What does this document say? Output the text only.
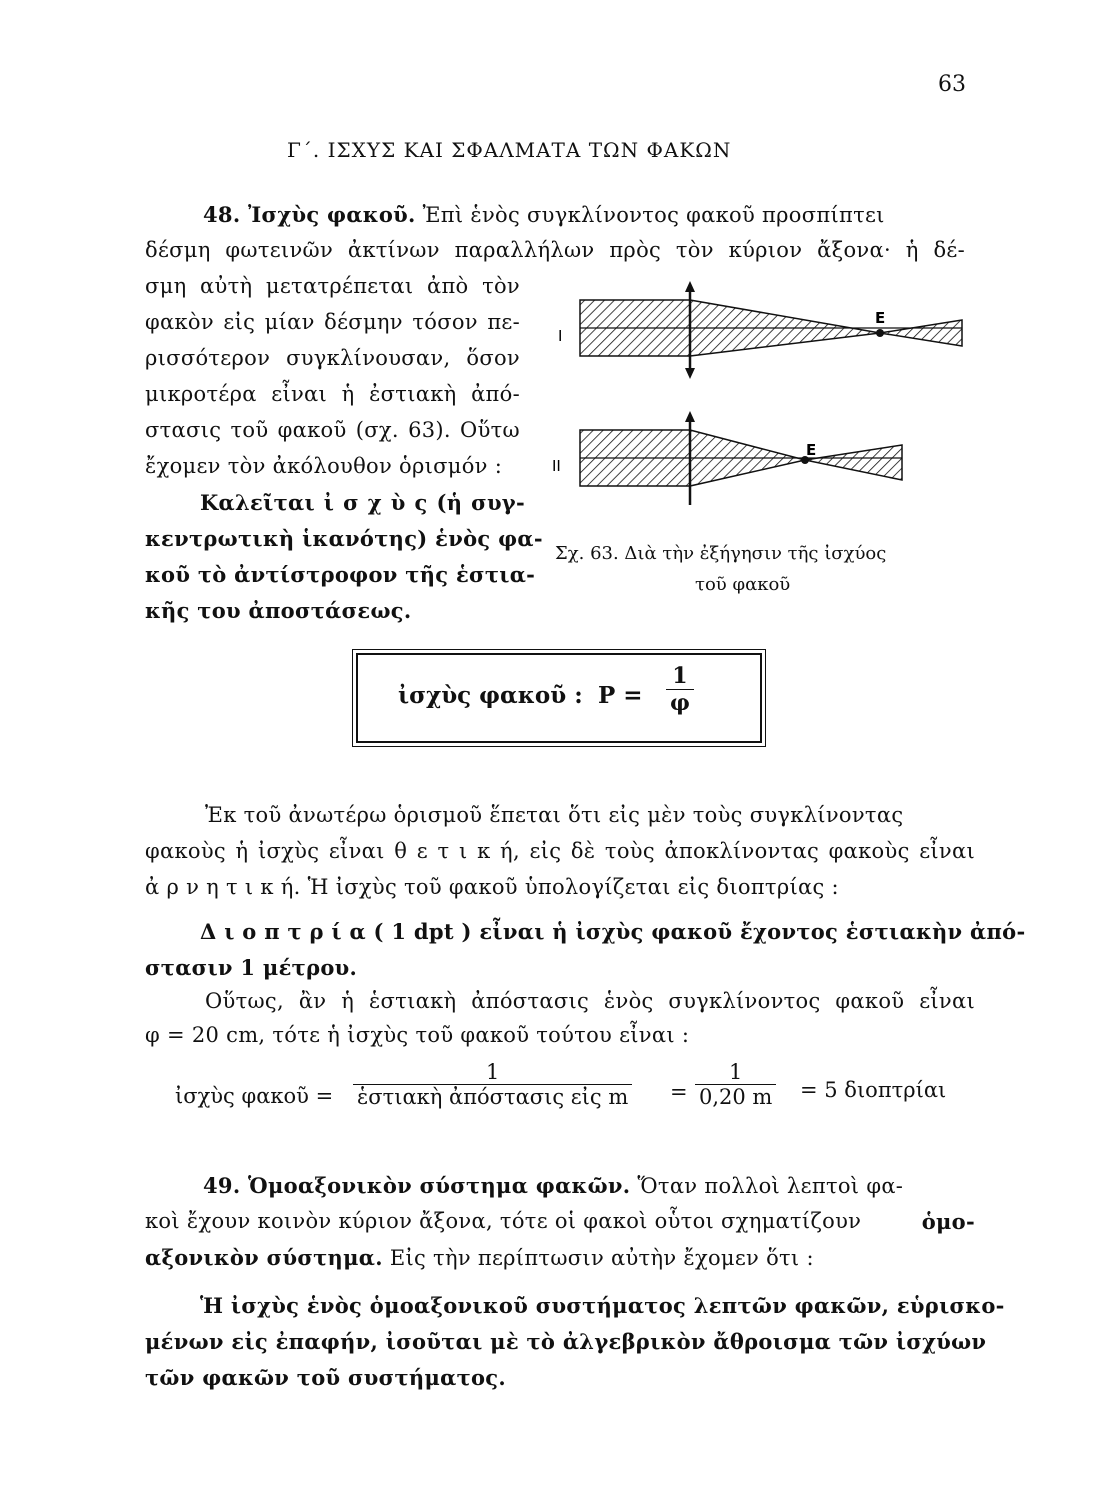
63
Γ΄. ΙΣΧΥΣ ΚΑΙ ΣΦΑΛΜΑΤΑ ΤΩΝ ΦΑΚΩΝ
48. Ἰσχὺς φακοῦ. Ἐπὶ ἑνὸς συγκλίνοντος φακοῦ προσπίπτει
δέσμη φωτεινῶν ἀκτίνων παραλλήλων πρὸς τὸν κύριον ἄξονα· ἡ δέ-
σμη αὐτὴ μετατρέπεται ἀπὸ τὸν
φακὸν εἰς μίαν δέσμην τόσον πε-
ρισσότερον συγκλίνουσαν, ὅσον
μικροτέρα εἶναι ἡ ἐστιακὴ ἀπό-
στασις τοῦ φακοῦ (σχ. 63). Οὕτω
ἔχομεν τὸν ἀκόλουθον ὁρισμόν :
Καλεῖται ἰ σ χ ὺ ς (ἡ συγ-
κεντρωτικὴ ἱκανότης) ἑνὸς φα-
κοῦ τὸ ἀντίστροφον τῆς ἑστια-
κῆς του ἀποστάσεως.
I
E
II
E
Σχ. 63. Διὰ τὴν ἐξήγησιν τῆς ἰσχύος
τοῦ φακοῦ
ἰσχὺς φακοῦ : $P = \frac{1}{\varphi}$
Ἐκ τοῦ ἀνωτέρω ὁρισμοῦ ἕπεται ὅτι εἰς μὲν τοὺς συγκλίνοντας
φακοὺς ἡ ἰσχὺς εἶναι θ ε τ ι κ ή, εἰς δὲ τοὺς ἀποκλίνοντας φακοὺς εἶναι
ἀ ρ ν η τ ι κ ή. Ἡ ἰσχὺς τοῦ φακοῦ ὑπολογίζεται εἰς διοπτρίας :
Δ ι ο π τ ρ ί α ( 1 dpt ) εἶναι ἡ ἰσχὺς φακοῦ ἔχοντος ἑστιακὴν ἀπό-
στασιν 1 μέτρου.
Οὕτως, ἂν ἡ ἑστιακὴ ἀπόστασις ἑνὸς συγκλίνοντος φακοῦ εἶναι
φ = 20 cm, τότε ἡ ἰσχὺς τοῦ φακοῦ τούτου εἶναι :
ἰσχὺς φακοῦ =
1
ἑστιακὴ ἀπόστασις εἰς $m = \frac{1}{0,20 m} = 5$ διοπτρίαι
49. Ὁμοαξονικὸν σύστημα φακῶν. Ὅταν πολλοὶ λεπτοὶ φα-
κοὶ ἔχουν κοινὸν κύριον ἄξονα, τότε οἱ φακοὶ οὗτοι σχηματίζουν	ὁμο-
αξονικὸν σύστημα. Εἰς τὴν περίπτωσιν αὐτὴν ἔχομεν ὅτι :
Ἡ ἰσχὺς ἑνὸς ὁμοαξονικοῦ συστήματος λεπτῶν φακῶν, εὑρισκο-
μένων εἰς ἐπαφήν, ἰσοῦται μὲ τὸ ἀλγεβρικὸν ἄθροισμα τῶν ἰσχύων
τῶν φακῶν τοῦ συστήματος.
